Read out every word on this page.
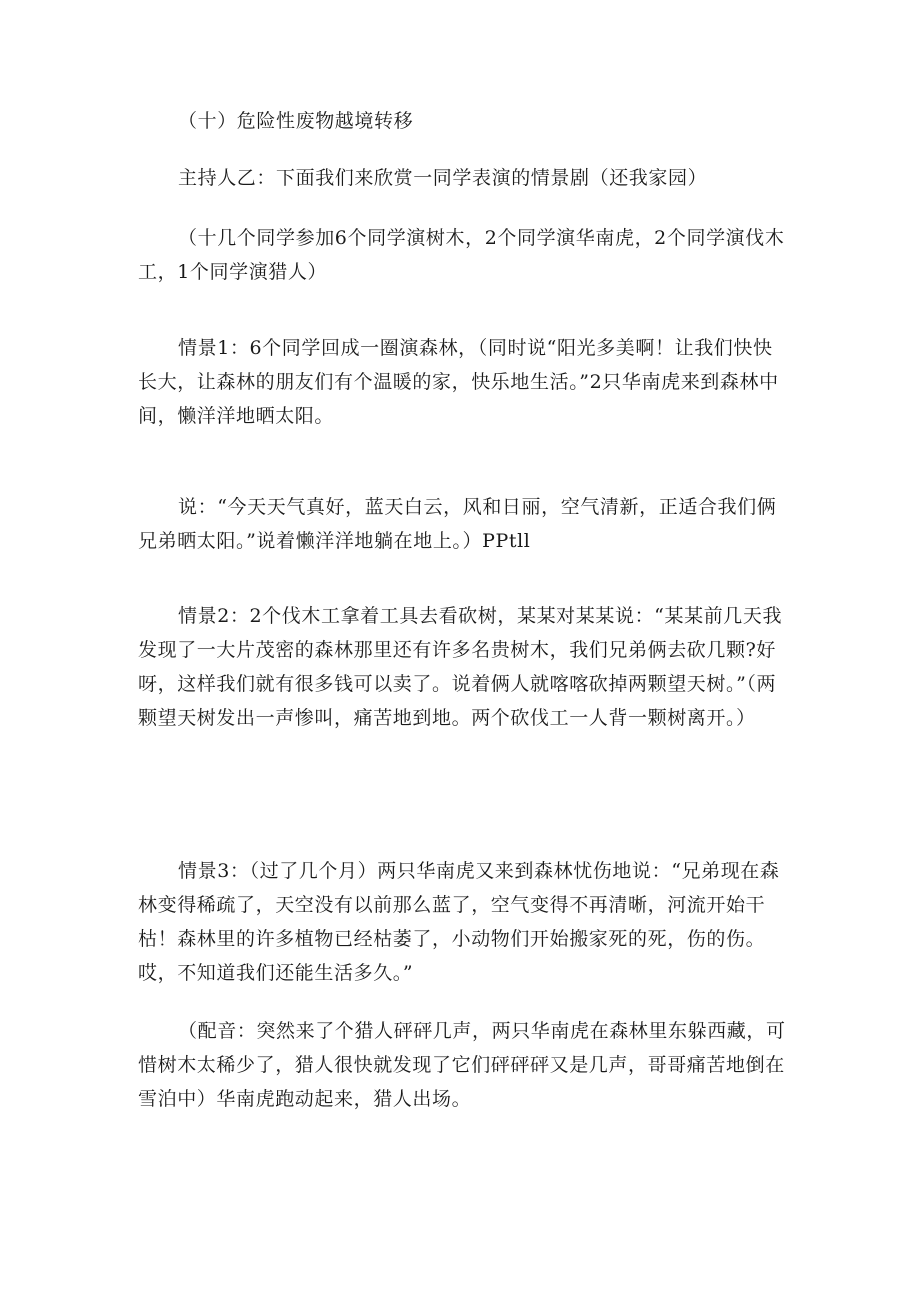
（十）危险性废物越境转移

主持人乙：下面我们来欣赏一同学表演的情景剧（还我家园）

（十几个同学参加6个同学演树木，2个同学演华南虎，2个同学演伐木工，1个同学演猎人）

情景1：6个同学回成一圈演森林，（同时说“阳光多美啊！让我们快快长大，让森林的朋友们有个温暖的家，快乐地生活。”2只华南虎来到森林中间，懒洋洋地晒太阳。

说：“今天天气真好，蓝天白云，风和日丽，空气清新，正适合我们俩兄弟晒太阳。”说着懒洋洋地躺在地上。）PPtll

情景2：2个伐木工拿着工具去看砍树，某某对某某说：“某某前几天我发现了一大片茂密的森林那里还有许多名贵树木，我们兄弟俩去砍几颗?好呀，这样我们就有很多钱可以卖了。说着俩人就喀喀砍掉两颗望天树。”（两颗望天树发出一声惨叫，痛苦地到地。两个砍伐工一人背一颗树离开。）

情景3：（过了几个月）两只华南虎又来到森林忧伤地说：“兄弟现在森林变得稀疏了，天空没有以前那么蓝了，空气变得不再清晰，河流开始干枯！森林里的许多植物已经枯萎了，小动物们开始搬家死的死，伤的伤。哎，不知道我们还能生活多久。”

（配音：突然来了个猎人砰砰几声，两只华南虎在森林里东躲西藏，可惜树木太稀少了，猎人很快就发现了它们砰砰砰又是几声，哥哥痛苦地倒在雪泊中）华南虎跑动起来，猎人出场。
